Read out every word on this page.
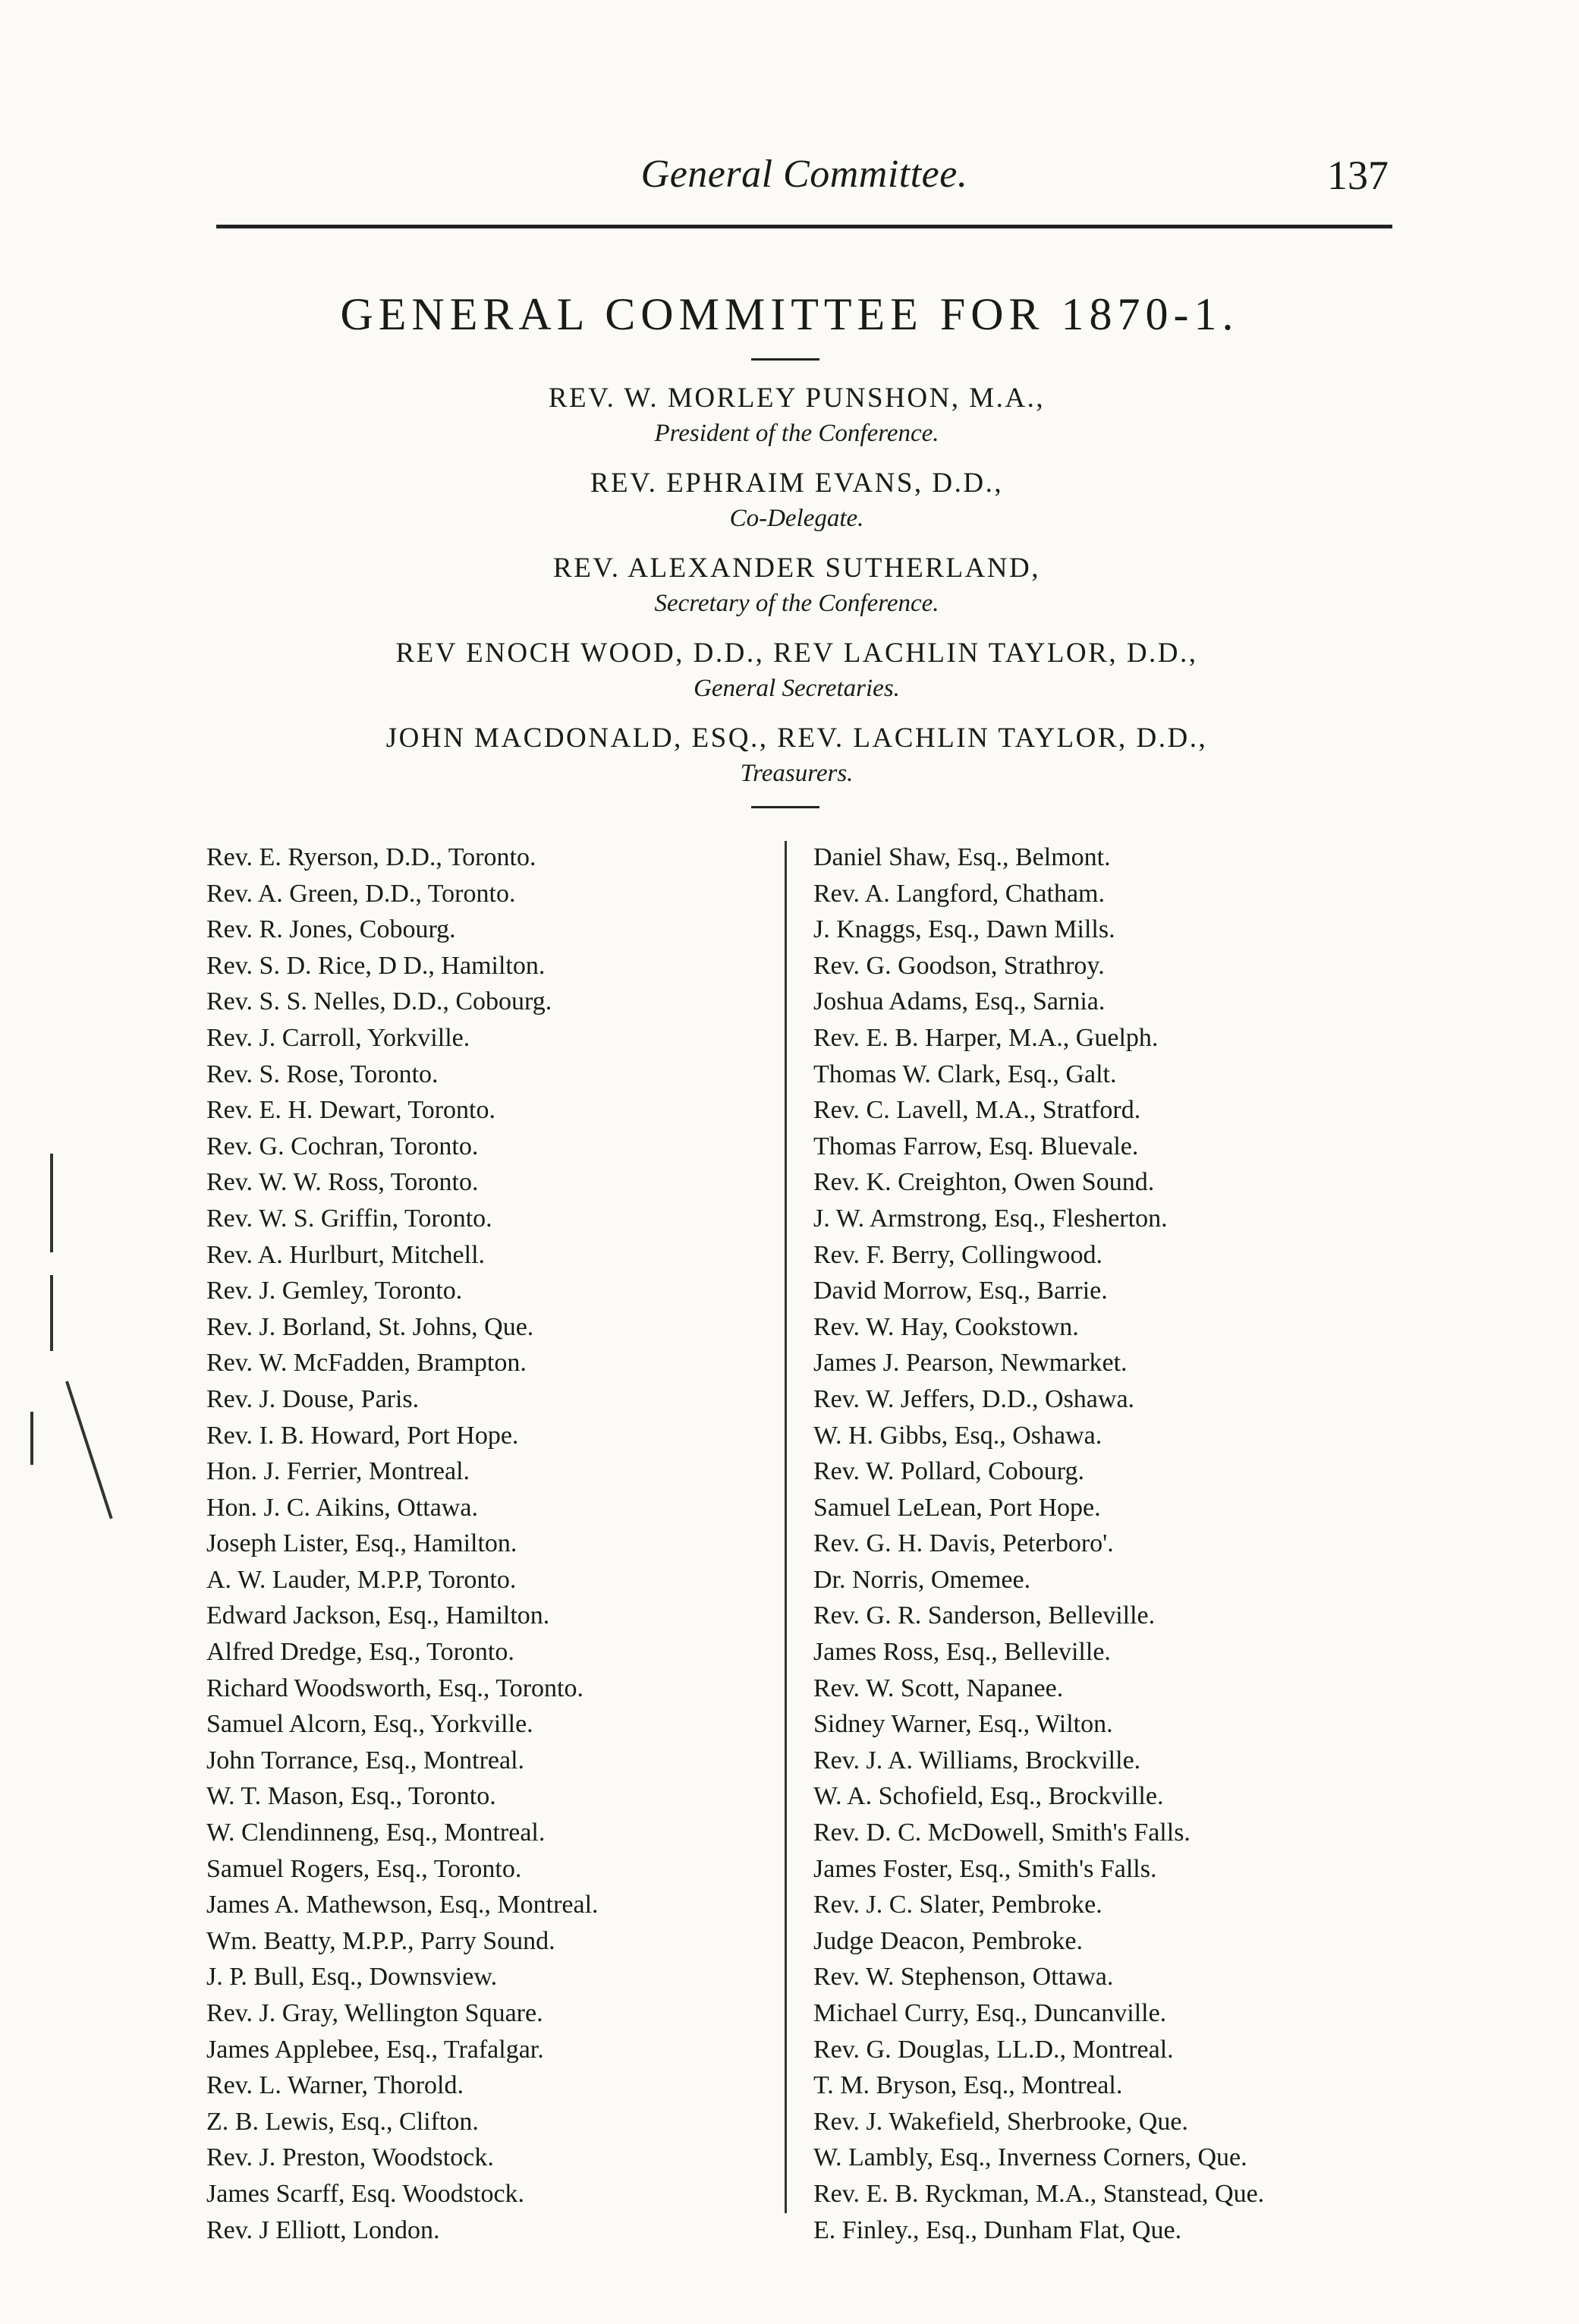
General Committee.	137
GENERAL COMMITTEE FOR 1870-1.
REV. W. MORLEY PUNSHON, M.A.,
President of the Conference.
REV. EPHRAIM EVANS, D.D.,
Co-Delegate.
REV. ALEXANDER SUTHERLAND,
Secretary of the Conference.
REV ENOCH WOOD, D.D., REV LACHLIN TAYLOR, D.D.,
General Secretaries.
JOHN MACDONALD, ESQ., REV. LACHLIN TAYLOR, D.D.,
Treasurers.
Rev. E. Ryerson, D.D., Toronto.
Rev. A. Green, D.D., Toronto.
Rev. R. Jones, Cobourg.
Rev. S. D. Rice, D D., Hamilton.
Rev. S. S. Nelles, D.D., Cobourg.
Rev. J. Carroll, Yorkville.
Rev. S. Rose, Toronto.
Rev. E. H. Dewart, Toronto.
Rev. G. Cochran, Toronto.
Rev. W. W. Ross, Toronto.
Rev. W. S. Griffin, Toronto.
Rev. A. Hurlburt, Mitchell.
Rev. J. Gemley, Toronto.
Rev. J. Borland, St. Johns, Que.
Rev. W. McFadden, Brampton.
Rev. J. Douse, Paris.
Rev. I. B. Howard, Port Hope.
Hon. J. Ferrier, Montreal.
Hon. J. C. Aikins, Ottawa.
Joseph Lister, Esq., Hamilton.
A. W. Lauder, M.P.P, Toronto.
Edward Jackson, Esq., Hamilton.
Alfred Dredge, Esq., Toronto.
Richard Woodsworth, Esq., Toronto.
Samuel Alcorn, Esq., Yorkville.
John Torrance, Esq., Montreal.
W. T. Mason, Esq., Toronto.
W. Clendinneng, Esq., Montreal.
Samuel Rogers, Esq., Toronto.
James A. Mathewson, Esq., Montreal.
Wm. Beatty, M.P.P., Parry Sound.
J. P. Bull, Esq., Downsview.
Rev. J. Gray, Wellington Square.
James Applebee, Esq., Trafalgar.
Rev. L. Warner, Thorold.
Z. B. Lewis, Esq., Clifton.
Rev. J. Preston, Woodstock.
James Scarff, Esq. Woodstock.
Rev. J Elliott, London.
Daniel Shaw, Esq., Belmont.
Rev. A. Langford, Chatham.
J. Knaggs, Esq., Dawn Mills.
Rev. G. Goodson, Strathroy.
Joshua Adams, Esq., Sarnia.
Rev. E. B. Harper, M.A., Guelph.
Thomas W. Clark, Esq., Galt.
Rev. C. Lavell, M.A., Stratford.
Thomas Farrow, Esq. Bluevale.
Rev. K. Creighton, Owen Sound.
J. W. Armstrong, Esq., Flesherton.
Rev. F. Berry, Collingwood.
David Morrow, Esq., Barrie.
Rev. W. Hay, Cookstown.
James J. Pearson, Newmarket.
Rev. W. Jeffers, D.D., Oshawa.
W. H. Gibbs, Esq., Oshawa.
Rev. W. Pollard, Cobourg.
Samuel LeLean, Port Hope.
Rev. G. H. Davis, Peterboro'.
Dr. Norris, Omemee.
Rev. G. R. Sanderson, Belleville.
James Ross, Esq., Belleville.
Rev. W. Scott, Napanee.
Sidney Warner, Esq., Wilton.
Rev. J. A. Williams, Brockville.
W. A. Schofield, Esq., Brockville.
Rev. D. C. McDowell, Smith's Falls.
James Foster, Esq., Smith's Falls.
Rev. J. C. Slater, Pembroke.
Judge Deacon, Pembroke.
Rev. W. Stephenson, Ottawa.
Michael Curry, Esq., Duncanville.
Rev. G. Douglas, LL.D., Montreal.
T. M. Bryson, Esq., Montreal.
Rev. J. Wakefield, Sherbrooke, Que.
W. Lambly, Esq., Inverness Corners, Que.
Rev. E. B. Ryckman, M.A., Stanstead, Que.
E. Finley., Esq., Dunham Flat, Que.
